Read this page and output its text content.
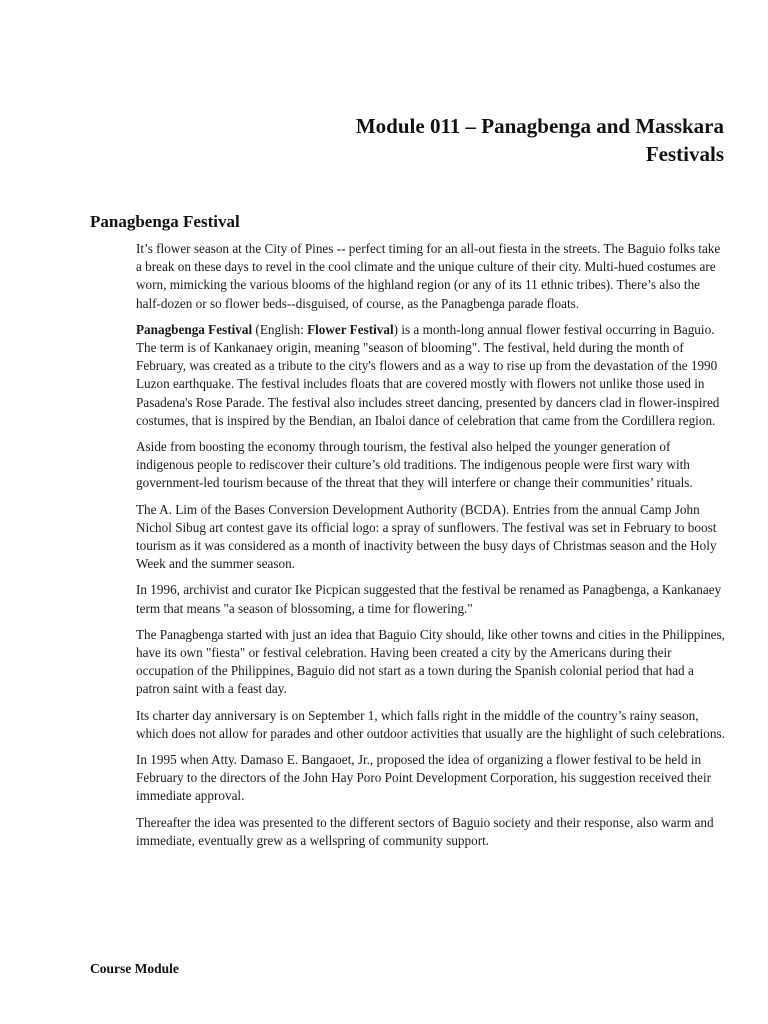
Module 011 – Panagbenga and Masskara
Festivals
Panagbenga Festival

It’s flower season at the City of Pines -- perfect timing for an all-out fiesta in the streets. The Baguio folks take a break on these days to revel in the cool climate and the unique culture of their city. Multi-hued costumes are worn, mimicking the various blooms of the highland region (or any of its 11 ethnic tribes). There’s also the half-dozen or so flower beds--disguised, of course, as the Panagbenga parade floats.

Panagbenga Festival (English: Flower Festival) is a month-long annual flower festival occurring in Baguio. The term is of Kankanaey origin, meaning "season of blooming". The festival, held during the month of February, was created as a tribute to the city's flowers and as a way to rise up from the devastation of the 1990 Luzon earthquake. The festival includes floats that are covered mostly with flowers not unlike those used in Pasadena's Rose Parade. The festival also includes street dancing, presented by dancers clad in flower-inspired costumes, that is inspired by the Bendian, an Ibaloi dance of celebration that came from the Cordillera region.

Aside from boosting the economy through tourism, the festival also helped the younger generation of indigenous people to rediscover their culture’s old traditions. The indigenous people were first wary with government-led tourism because of the threat that they will interfere or change their communities’ rituals.

The A. Lim of the Bases Conversion Development Authority (BCDA). Entries from the annual Camp John Nichol Sibug art contest gave its official logo: a spray of sunflowers. The festival was set in February to boost tourism as it was considered as a month of inactivity between the busy days of Christmas season and the Holy Week and the summer season.

In 1996, archivist and curator Ike Picpican suggested that the festival be renamed as Panagbenga, a Kankanaey term that means "a season of blossoming, a time for flowering."

The Panagbenga started with just an idea that Baguio City should, like other towns and cities in the Philippines, have its own "fiesta" or festival celebration. Having been created a city by the Americans during their occupation of the Philippines, Baguio did not start as a town during the Spanish colonial period that had a patron saint with a feast day.

Its charter day anniversary is on September 1, which falls right in the middle of the country’s rainy season, which does not allow for parades and other outdoor activities that usually are the highlight of such celebrations.

In 1995 when Atty. Damaso E. Bangaoet, Jr., proposed the idea of organizing a flower festival to be held in February to the directors of the John Hay Poro Point Development Corporation, his suggestion received their immediate approval.

Thereafter the idea was presented to the different sectors of Baguio society and their response, also warm and immediate, eventually grew as a wellspring of community support.

Course Module
